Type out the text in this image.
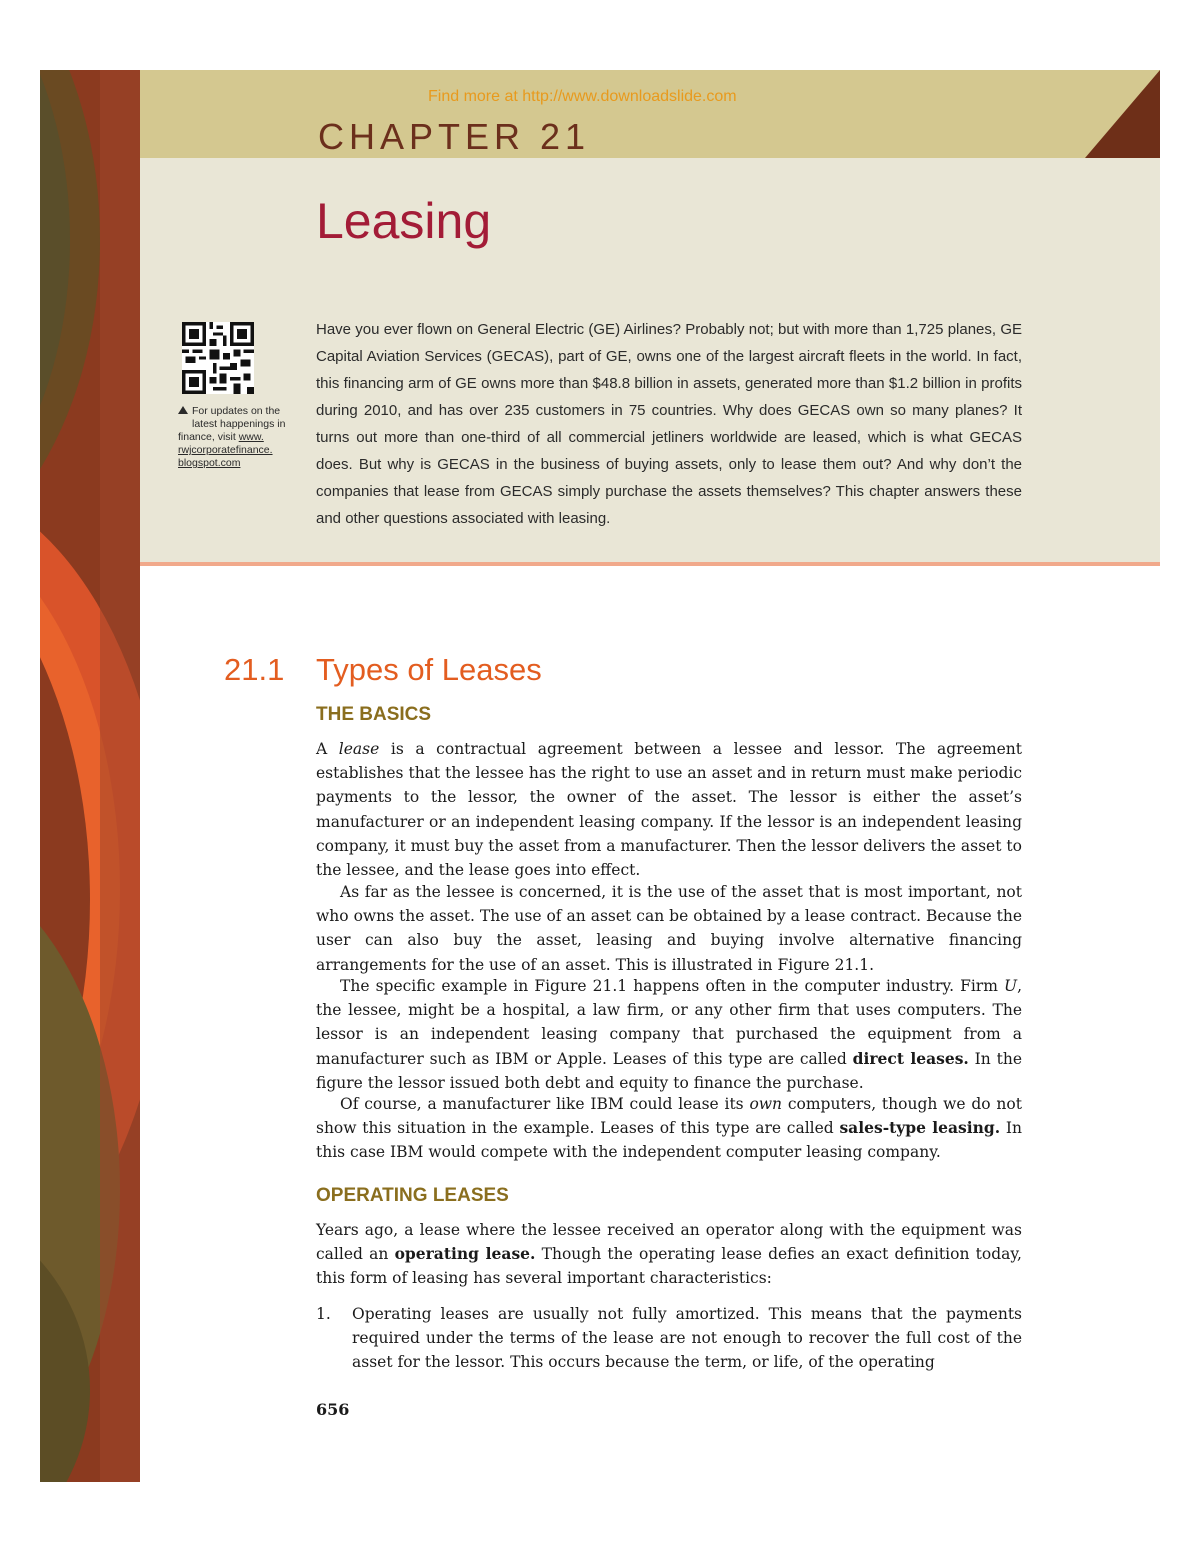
Find more at http://www.downloadslide.com
CHAPTER 21
Leasing
For updates on the
latest happenings in
finance, visit www.
rwjcorporatefinance.
blogspot.com

Have you ever flown on General Electric (GE) Airlines? Probably not; but with more than 1,725 planes, GE Capital Aviation Services (GECAS), part of GE, owns one of the largest aircraft fleets in the world. In fact, this financing arm of GE owns more than $48.8 billion in assets, generated more than $1.2 billion in profits during 2010, and has over 235 customers in 75 countries. Why does GECAS own so many planes? It turns out more than one-third of all commercial jetliners worldwide are leased, which is what GECAS does. But why is GECAS in the business of buying assets, only to lease them out? And why don’t the companies that lease from GECAS simply purchase the assets themselves? This chapter answers these and other questions associated with leasing.

21.1 Types of Leases
THE BASICS

A lease is a contractual agreement between a lessee and lessor. The agreement establishes that the lessee has the right to use an asset and in return must make periodic payments to the lessor, the owner of the asset. The lessor is either the asset’s manufacturer or an independent leasing company. If the lessor is an independent leasing company, it must buy the asset from a manufacturer. Then the lessor delivers the asset to the lessee, and the lease goes into effect.

As far as the lessee is concerned, it is the use of the asset that is most important, not who owns the asset. The use of an asset can be obtained by a lease contract. Because the user can also buy the asset, leasing and buying involve alternative financing arrangements for the use of an asset. This is illustrated in Figure 21.1.

The specific example in Figure 21.1 happens often in the computer industry. Firm U, the lessee, might be a hospital, a law firm, or any other firm that uses computers. The lessor is an independent leasing company that purchased the equipment from a manufacturer such as IBM or Apple. Leases of this type are called direct leases. In the figure the lessor issued both debt and equity to finance the purchase.

Of course, a manufacturer like IBM could lease its own computers, though we do not show this situation in the example. Leases of this type are called sales-type leasing. In this case IBM would compete with the independent computer leasing company.

OPERATING LEASES

Years ago, a lease where the lessee received an operator along with the equipment was called an operating lease. Though the operating lease defies an exact definition today, this form of leasing has several important characteristics:

1. Operating leases are usually not fully amortized. This means that the payments required under the terms of the lease are not enough to recover the full cost of the asset for the lessor. This occurs because the term, or life, of the operating
656
